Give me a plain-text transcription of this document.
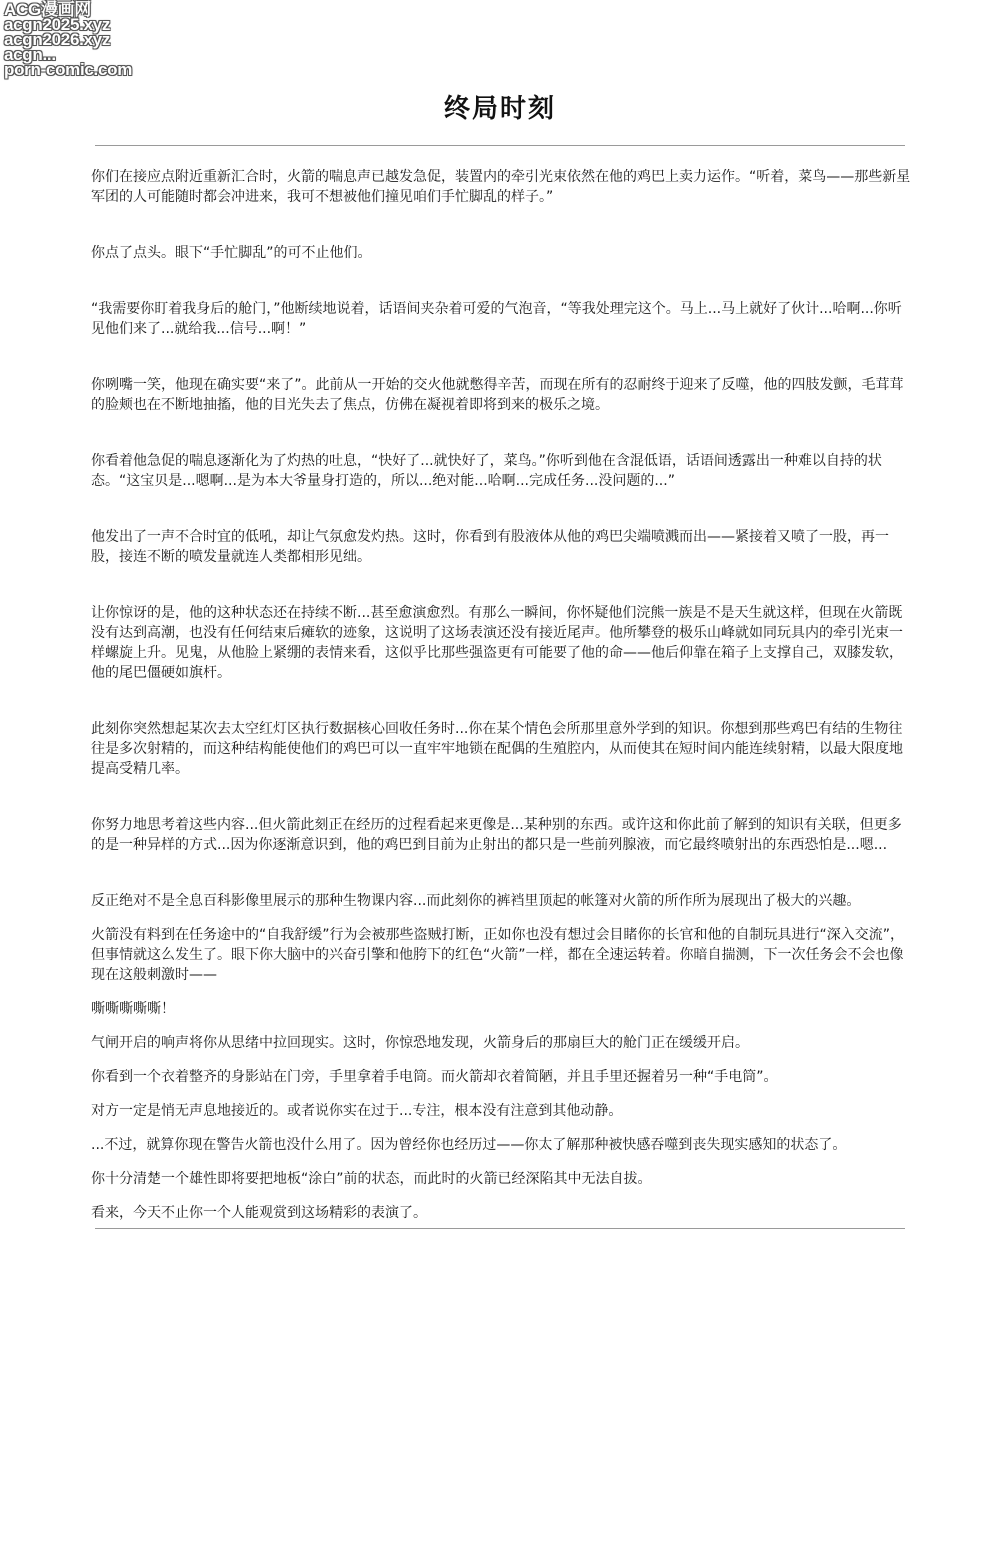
ACG漫画网
acgn2025.xyz
acgn2026.xyz
acgn...
porn-comic.com
终局时刻

你们在接应点附近重新汇合时，火箭的喘息声已越发急促，装置内的牵引光束依然在他的鸡巴上卖力运作。“听着，菜鸟——那些新星军团的人可能随时都会冲进来，我可不想被他们撞见咱们手忙脚乱的样子。”

你点了点头。眼下“手忙脚乱”的可不止他们。

“我需要你盯着我身后的舱门，”他断续地说着，话语间夹杂着可爱的气泡音，“等我处理完这个。马上...马上就好了伙计...哈啊...你听见他们来了...就给我...信号...啊！”

你咧嘴一笑，他现在确实要“来了”。此前从一开始的交火他就憋得辛苦，而现在所有的忍耐终于迎来了反噬，他的四肢发颤，毛茸茸的脸颊也在不断地抽搐，他的目光失去了焦点，仿佛在凝视着即将到来的极乐之境。

你看着他急促的喘息逐渐化为了灼热的吐息，“快好了...就快好了，菜鸟。”你听到他在含混低语，话语间透露出一种难以自持的状态。“这宝贝是...嗯啊...是为本大爷量身打造的，所以...绝对能...哈啊...完成任务...没问题的...”

他发出了一声不合时宜的低吼，却让气氛愈发灼热。这时，你看到有股液体从他的鸡巴尖端喷溅而出——紧接着又喷了一股，再一股，接连不断的喷发量就连人类都相形见绌。

让你惊讶的是，他的这种状态还在持续不断...甚至愈演愈烈。有那么一瞬间，你怀疑他们浣熊一族是不是天生就这样，但现在火箭既没有达到高潮，也没有任何结束后瘫软的迹象，这说明了这场表演还没有接近尾声。他所攀登的极乐山峰就如同玩具内的牵引光束一样螺旋上升。见鬼，从他脸上紧绷的表情来看，这似乎比那些强盗更有可能要了他的命——他后仰靠在箱子上支撑自己，双膝发软，他的尾巴僵硬如旗杆。

此刻你突然想起某次去太空红灯区执行数据核心回收任务时...你在某个情色会所那里意外学到的知识。你想到那些鸡巴有结的生物往往是多次射精的，而这种结构能使他们的鸡巴可以一直牢牢地锁在配偶的生殖腔内，从而使其在短时间内能连续射精，以最大限度地提高受精几率。

你努力地思考着这些内容...但火箭此刻正在经历的过程看起来更像是...某种别的东西。或许这和你此前了解到的知识有关联，但更多的是一种异样的方式...因为你逐渐意识到，他的鸡巴到目前为止射出的都只是一些前列腺液，而它最终喷射出的东西恐怕是...嗯...

反正绝对不是全息百科影像里展示的那种生物课内容...而此刻你的裤裆里顶起的帐篷对火箭的所作所为展现出了极大的兴趣。

火箭没有料到在任务途中的“自我舒缓”行为会被那些盗贼打断，正如你也没有想过会目睹你的长官和他的自制玩具进行“深入交流”，但事情就这么发生了。眼下你大脑中的兴奋引擎和他胯下的红色“火箭”一样，都在全速运转着。你暗自揣测，下一次任务会不会也像现在这般刺激时——

嘶嘶嘶嘶嘶！

气闸开启的响声将你从思绪中拉回现实。这时，你惊恐地发现，火箭身后的那扇巨大的舱门正在缓缓开启。

你看到一个衣着整齐的身影站在门旁，手里拿着手电筒。而火箭却衣着简陋，并且手里还握着另一种“手电筒”。

对方一定是悄无声息地接近的。或者说你实在过于...专注，根本没有注意到其他动静。

...不过，就算你现在警告火箭也没什么用了。因为曾经你也经历过——你太了解那种被快感吞噬到丧失现实感知的状态了。

你十分清楚一个雄性即将要把地板“涂白”前的状态，而此时的火箭已经深陷其中无法自拔。

看来，今天不止你一个人能观赏到这场精彩的表演了。
